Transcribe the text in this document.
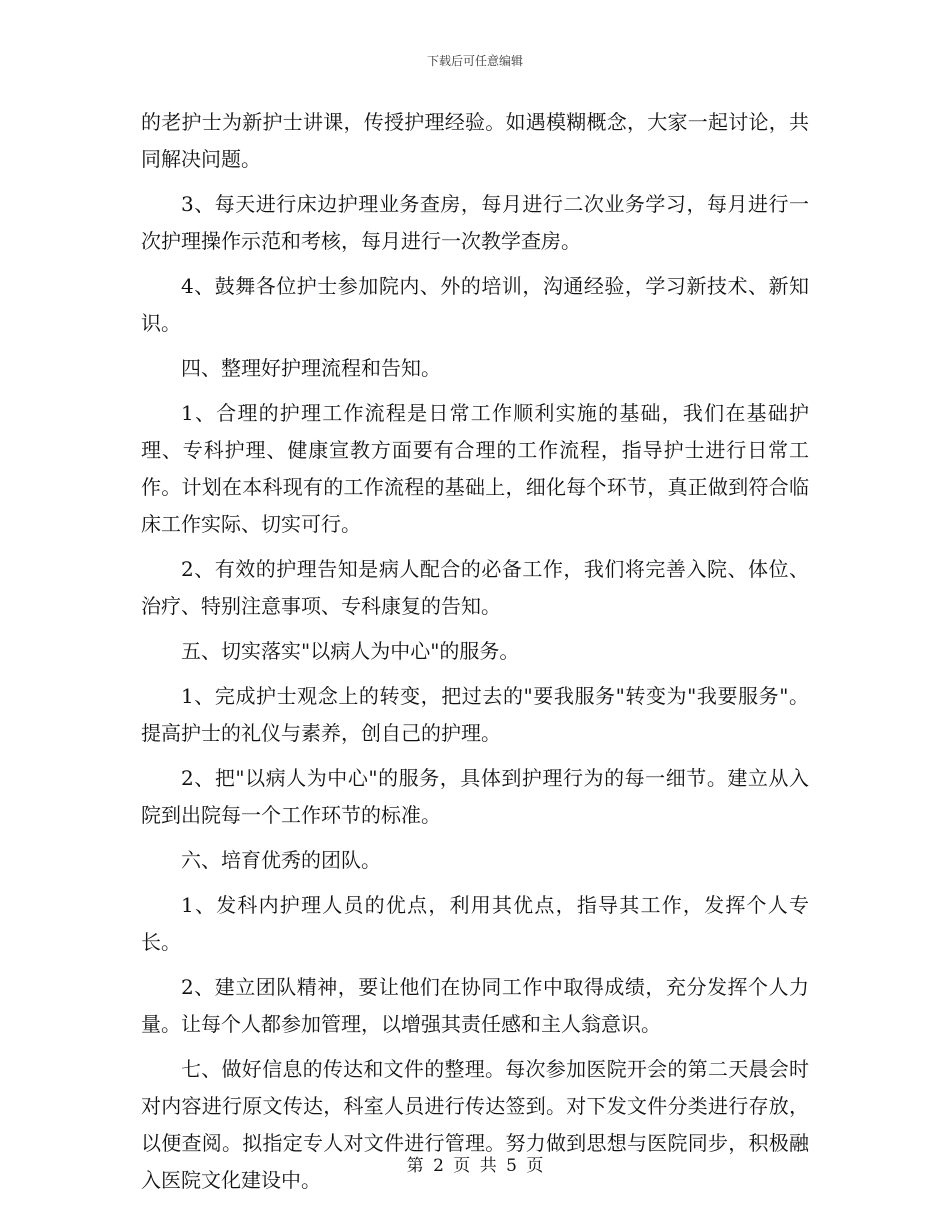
下载后可任意编辑

的老护士为新护士讲课，传授护理经验。如遇模糊概念，大家一起讨论，共同解决问题。

3、每天进行床边护理业务查房，每月进行二次业务学习，每月进行一次护理操作示范和考核，每月进行一次教学查房。

4、鼓舞各位护士参加院内、外的培训，沟通经验，学习新技术、新知识。

四、整理好护理流程和告知。

1、合理的护理工作流程是日常工作顺利实施的基础，我们在基础护理、专科护理、健康宣教方面要有合理的工作流程，指导护士进行日常工作。计划在本科现有的工作流程的基础上，细化每个环节，真正做到符合临床工作实际、切实可行。

2、有效的护理告知是病人配合的必备工作，我们将完善入院、体位、治疗、特别注意事项、专科康复的告知。

五、切实落实"以病人为中心"的服务。

1、完成护士观念上的转变，把过去的"要我服务"转变为"我要服务"。提高护士的礼仪与素养，创自己的护理。

2、把"以病人为中心"的服务，具体到护理行为的每一细节。建立从入院到出院每一个工作环节的标准。

六、培育优秀的团队。

1、发科内护理人员的优点，利用其优点，指导其工作，发挥个人专长。

2、建立团队精神，要让他们在协同工作中取得成绩，充分发挥个人力量。让每个人都参加管理，以增强其责任感和主人翁意识。

七、做好信息的传达和文件的整理。每次参加医院开会的第二天晨会时对内容进行原文传达，科室人员进行传达签到。对下发文件分类进行存放，以便查阅。拟指定专人对文件进行管理。努力做到思想与医院同步，积极融入医院文化建设中。

第 2 页 共 5 页
